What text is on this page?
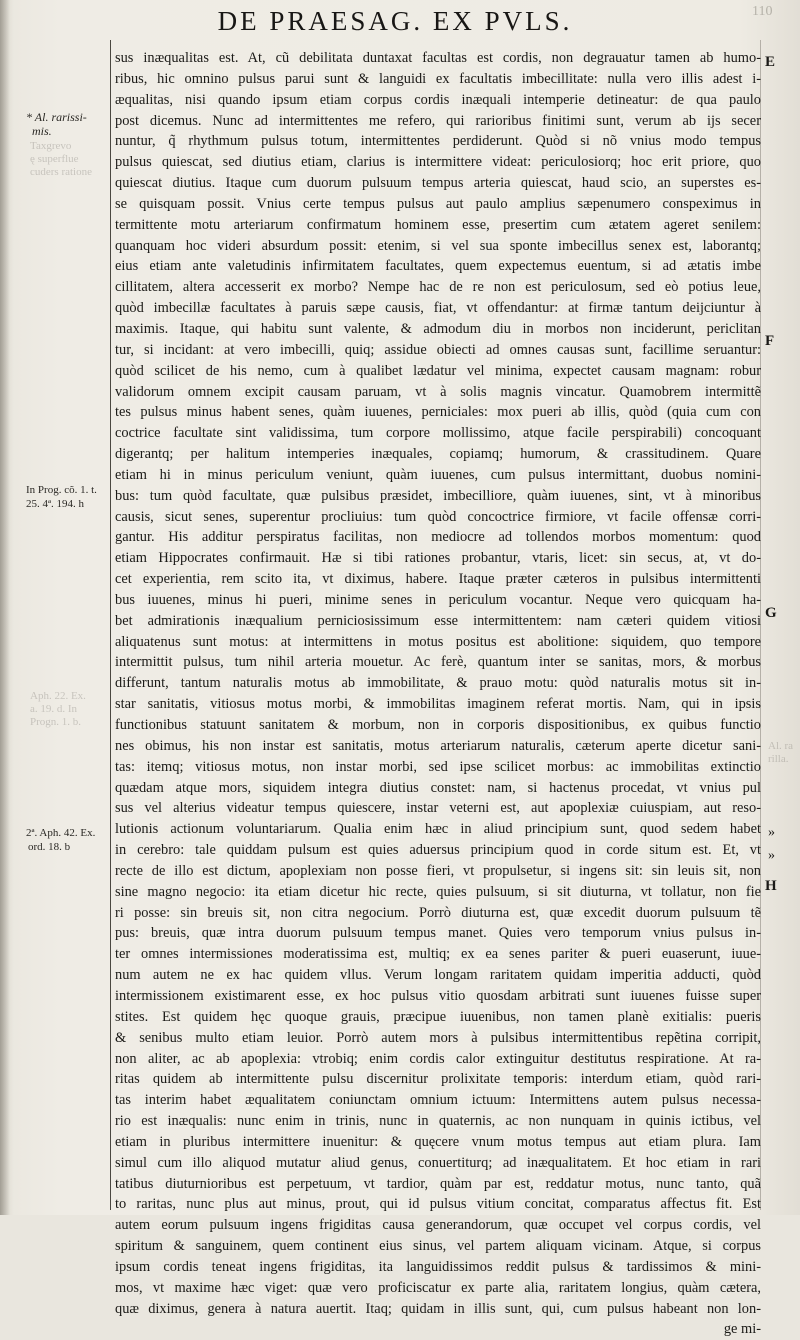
DE PRAESAG. EX PVLS.
Taxgrevo
ę superflue
cuders ratione
Aph. 22. Ex.
a. 19. d. In
Progn. 1. b.
Al. ra
rilla.
110
* Al. rarissi-
mis.
In Prog. cõ. 1. t.
25. 4ª. 194. h
2ª. Aph. 42. Ex.
ord. 18. b
E
F
G
H
»
»
sus inæqualitas est. At, cũ debilitata duntaxat facultas est cordis, non degrauatur tamen ab humo-
ribus, hic omnino pulsus parui sunt & languidi ex facultatis imbecillitate: nulla vero illis adest i-
æqualitas, nisi quando ipsum etiam corpus cordis inæquali intemperie detineatur: de qua paulo
post dicemus. Nunc ad intermittentes me refero, qui rarioribus finitimi sunt, verum ab ijs secer
nuntur, q̃ rhythmum pulsus totum, intermittentes perdiderunt. Quòd si nõ vnius modo tempus
pulsus quiescat, sed diutius etiam, clarius is intermittere videat: periculosiorq; hoc erit priore, quo
quiescat diutius. Itaque cum duorum pulsuum tempus arteria quiescat, haud scio, an superstes es-
se quisquam possit. Vnius certe tempus pulsus aut paulo amplius sæpenumero conspeximus in
termittente motu arteriarum confirmatum hominem esse, presertim cum ætatem ageret senilem:
quanquam hoc videri absurdum possit: etenim, si vel sua sponte imbecillus senex est, laborantq;
eius etiam ante valetudinis infirmitatem facultates, quem expectemus euentum, si ad ætatis imbe
cillitatem, altera accesserit ex morbo? Nempe hac de re non est periculosum, sed eò potius leue,
quòd imbecillæ facultates à paruis sæpe causis, fiat, vt offendantur: at firmæ tantum deijciuntur à
maximis. Itaque, qui habitu sunt valente, & admodum diu in morbos non inciderunt, periclitan
tur, si incidant: at vero imbecilli, quiq; assidue obiecti ad omnes causas sunt, facillime seruantur:
quòd scilicet de his nemo, cum à qualibet lædatur vel minima, expectet causam magnam: robur
validorum omnem excipit causam paruam, vt à solis magnis vincatur. Quamobrem intermittẽ
tes pulsus minus habent senes, quàm iuuenes, perniciales: mox pueri ab illis, quòd (quia cum con
coctrice facultate sint validissima, tum corpore mollissimo, atque facile perspirabili) concoquant
digerantq; per halitum intemperies inæquales, copiamq; humorum, & crassitudinem. Quare
etiam hi in minus periculum veniunt, quàm iuuenes, cum pulsus intermittant, duobus nomini-
bus: tum quòd facultate, quæ pulsibus præsidet, imbecilliore, quàm iuuenes, sint, vt à minoribus
causis, sicut senes, superentur procliuius: tum quòd concoctrice firmiore, vt facile offensæ corri-
gantur. His additur perspiratus facilitas, non mediocre ad tollendos morbos momentum: quod
etiam Hippocrates confirmauit. Hæ si tibi rationes probantur, vtaris, licet: sin secus, at, vt do-
cet experientia, rem scito ita, vt diximus, habere. Itaque præter cæteros in pulsibus intermittenti
bus iuuenes, minus hi pueri, minime senes in periculum vocantur. Neque vero quicquam ha-
bet admirationis inæqualium perniciosissimum esse intermittentem: nam cæteri quidem vitiosi
aliquatenus sunt motus: at intermittens in motus positus est abolitione: siquidem, quo tempore
intermittit pulsus, tum nihil arteria mouetur. Ac ferè, quantum inter se sanitas, mors, & morbus
differunt, tantum naturalis motus ab immobilitate, & prauo motu: quòd naturalis motus sit in-
star sanitatis, vitiosus motus morbi, & immobilitas imaginem referat mortis. Nam, qui in ipsis
functionibus statuunt sanitatem & morbum, non in corporis dispositionibus, ex quibus functio
nes obimus, his non instar est sanitatis, motus arteriarum naturalis, cæterum aperte dicetur sani-
tas: itemq; vitiosus motus, non instar morbi, sed ipse scilicet morbus: ac immobilitas extinctio
quædam atque mors, siquidem integra diutius constet: nam, si hactenus procedat, vt vnius pul
sus vel alterius videatur tempus quiescere, instar veterni est, aut apoplexiæ cuiuspiam, aut reso-
lutionis actionum voluntariarum. Qualia enim hæc in aliud principium sunt, quod sedem habet
in cerebro: tale quiddam pulsum est quies aduersus principium quod in corde situm est. Et, vt
recte de illo est dictum, apoplexiam non posse fieri, vt propulsetur, si ingens sit: sin leuis sit, non
sine magno negocio: ita etiam dicetur hic recte, quies pulsuum, si sit diuturna, vt tollatur, non fie
ri posse: sin breuis sit, non citra negocium. Porrò diuturna est, quæ excedit duorum pulsuum tẽ
pus: breuis, quæ intra duorum pulsuum tempus manet. Quies vero temporum vnius pulsus in-
ter omnes intermissiones moderatissima est, multiq; ex ea senes pariter & pueri euaserunt, iuue-
num autem ne ex hac quidem vllus. Verum longam raritatem quidam imperitia adducti, quòd
intermissionem existimarent esse, ex hoc pulsus vitio quosdam arbitrati sunt iuuenes fuisse super
stites. Est quidem hęc quoque grauis, præcipue iuuenibus, non tamen planè exitialis: pueris
& senibus multo etiam leuior. Porrò autem mors à pulsibus intermittentibus repẽtina corripit,
non aliter, ac ab apoplexia: vtrobiq; enim cordis calor extinguitur destitutus respiratione. At ra-
ritas quidem ab intermittente pulsu discernitur prolixitate temporis: interdum etiam, quòd rari-
tas interim habet æqualitatem coniunctam omnium ictuum: Intermittens autem pulsus necessa-
rio est inæqualis: nunc enim in trinis, nunc in quaternis, ac non nunquam in quinis ictibus, vel
etiam in pluribus intermittere inuenitur: & quęcere vnum motus tempus aut etiam plura. Iam
simul cum illo aliquod mutatur aliud genus, conuertiturq; ad inæqualitatem. Et hoc etiam in rari
tatibus diuturnioribus est perpetuum, vt tardior, quàm par est, reddatur motus, nunc tanto, quã
to raritas, nunc plus aut minus, prout, qui id pulsus vitium concitat, comparatus affectus fit. Est
autem eorum pulsuum ingens frigiditas causa generandorum, quæ occupet vel corpus cordis, vel
spiritum & sanguinem, quem continent eius sinus, vel partem aliquam vicinam. Atque, si corpus
ipsum cordis teneat ingens frigiditas, ita languidissimos reddit pulsus & tardissimos & mini-
mos, vt maxime hæc viget: quæ vero proficiscatur ex parte alia, raritatem longius, quàm cætera,
quæ diximus, genera à natura auertit. Itaq; quidam in illis sunt, qui, cum pulsus habeant non lon-
ge mi-
